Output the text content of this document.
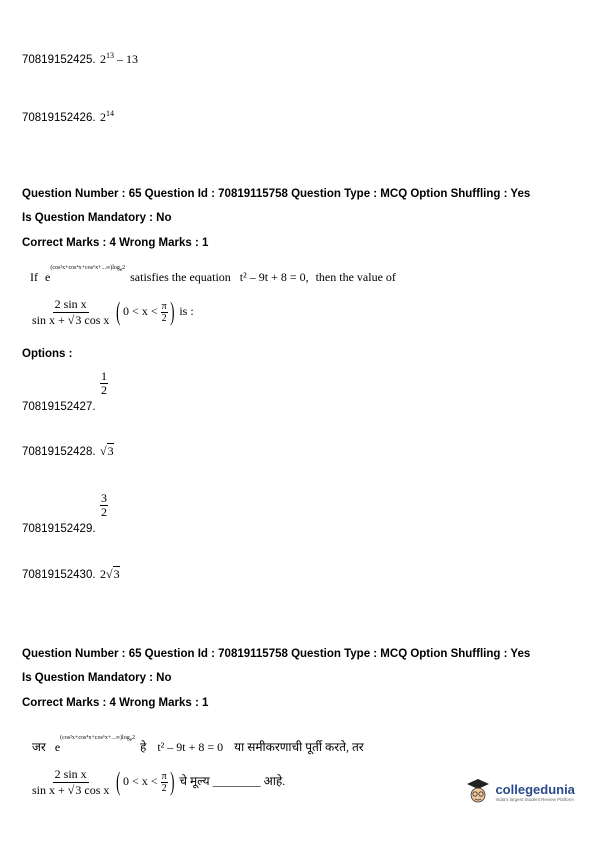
70819152425. $2^{13} - 13$
70819152426. $2^{14}$
Question Number : 65 Question Id : 70819115758 Question Type : MCQ Option Shuffling : Yes
Is Question Mandatory : No
Correct Marks : 4 Wrong Marks : 1
If $e^{(cos^2x+cos^4x+cos^6x+...\infty)log_e2}$ satisfies the equation t² – 9t + 8 = 0, then the value of
$\frac{\text{2 sin x}}{\text{sin x + √3 cos x}}$ ( $0 < x < \frac{\pi}{2}$ ) is :
Options :
$_{70819152427.}$
$\frac{1}{2}$
70819152428. √3
$_{70819152429.}$
$\frac{3}{2}$
70819152430. 2√3
Question Number : 65 Question Id : 70819115758 Question Type : MCQ Option Shuffling : Yes
Is Question Mandatory : No
Correct Marks : 4 Wrong Marks : 1
जर $e^{(cos^2x+cos^4x+cos^6x+...\infty)log_e2}$ हे t² – 9t + 8 = 0 या समीकरणाची पूर्ती करते, तर
$\frac{\text{2 sin x}}{\text{sin x + √3 cos x}}$ ( $0 < x < \frac{\pi}{2}$ ) चे मूल्य ________ आहे.

collegedunia
India's largest Student Review Platform
